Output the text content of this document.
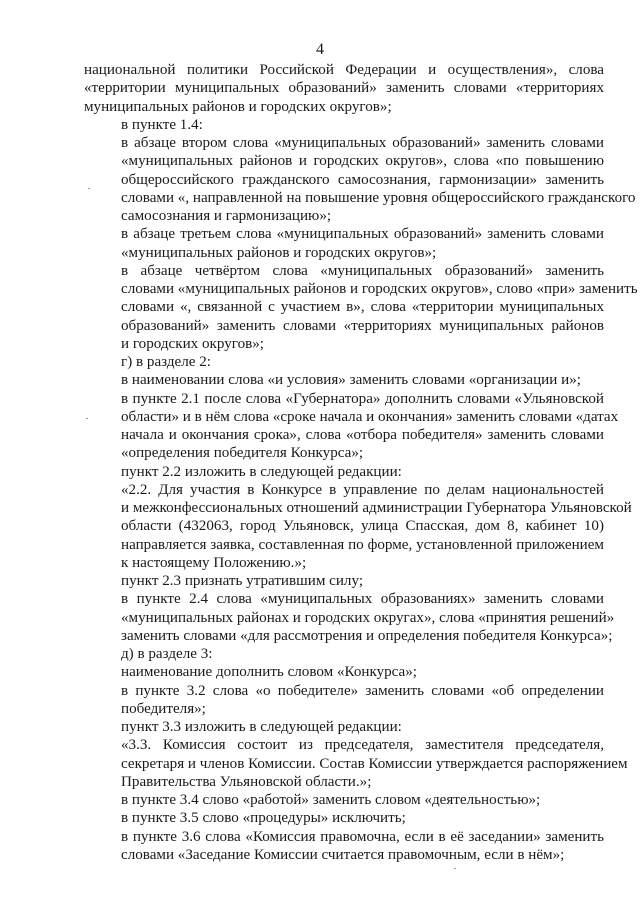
4

национальной политики Российской Федерации и осуществления», слова
«территории муниципальных образований» заменить словами «территориях
муниципальных районов и городских округов»;

в пункте 1.4:

в абзаце втором слова «муниципальных образований» заменить словами
«муниципальных районов и городских округов», слова «по повышению
общероссийского гражданского самосознания, гармонизации» заменить
словами «, направленной на повышение уровня общероссийского гражданского
самосознания и гармонизацию»;

в абзаце третьем слова «муниципальных образований» заменить словами
«муниципальных районов и городских округов»;

в абзаце четвёртом слова «муниципальных образований» заменить
словами «муниципальных районов и городских округов», слово «при» заменить
словами «, связанной с участием в», слова «территории муниципальных
образований» заменить словами «территориях муниципальных районов
и городских округов»;

г) в разделе 2:

в наименовании слова «и условия» заменить словами «организации и»;

в пункте 2.1 после слова «Губернатора» дополнить словами «Ульяновской
области» и в нём слова «сроке начала и окончания» заменить словами «датах
начала и окончания срока», слова «отбора победителя» заменить словами
«определения победителя Конкурса»;

пункт 2.2 изложить в следующей редакции:

«2.2. Для участия в Конкурсе в управление по делам национальностей
и межконфессиональных отношений администрации Губернатора Ульяновской
области (432063, город Ульяновск, улица Спасская, дом 8, кабинет 10)
направляется заявка, составленная по форме, установленной приложением
к настоящему Положению.»;

пункт 2.3 признать утратившим силу;

в пункте 2.4 слова «муниципальных образованиях» заменить словами
«муниципальных районах и городских округах», слова «принятия решений»
заменить словами «для рассмотрения и определения победителя Конкурса»;

д) в разделе 3:

наименование дополнить словом «Конкурса»;

в пункте 3.2 слова «о победителе» заменить словами «об определении
победителя»;

пункт 3.3 изложить в следующей редакции:

«3.3. Комиссия состоит из председателя, заместителя председателя,
секретаря и членов Комиссии. Состав Комиссии утверждается распоряжением
Правительства Ульяновской области.»;

в пункте 3.4 слово «работой» заменить словом «деятельностью»;

в пункте 3.5 слово «процедуры» исключить;

в пункте 3.6 слова «Комиссия правомочна, если в её заседании» заменить
словами «Заседание Комиссии считается правомочным, если в нём»;
